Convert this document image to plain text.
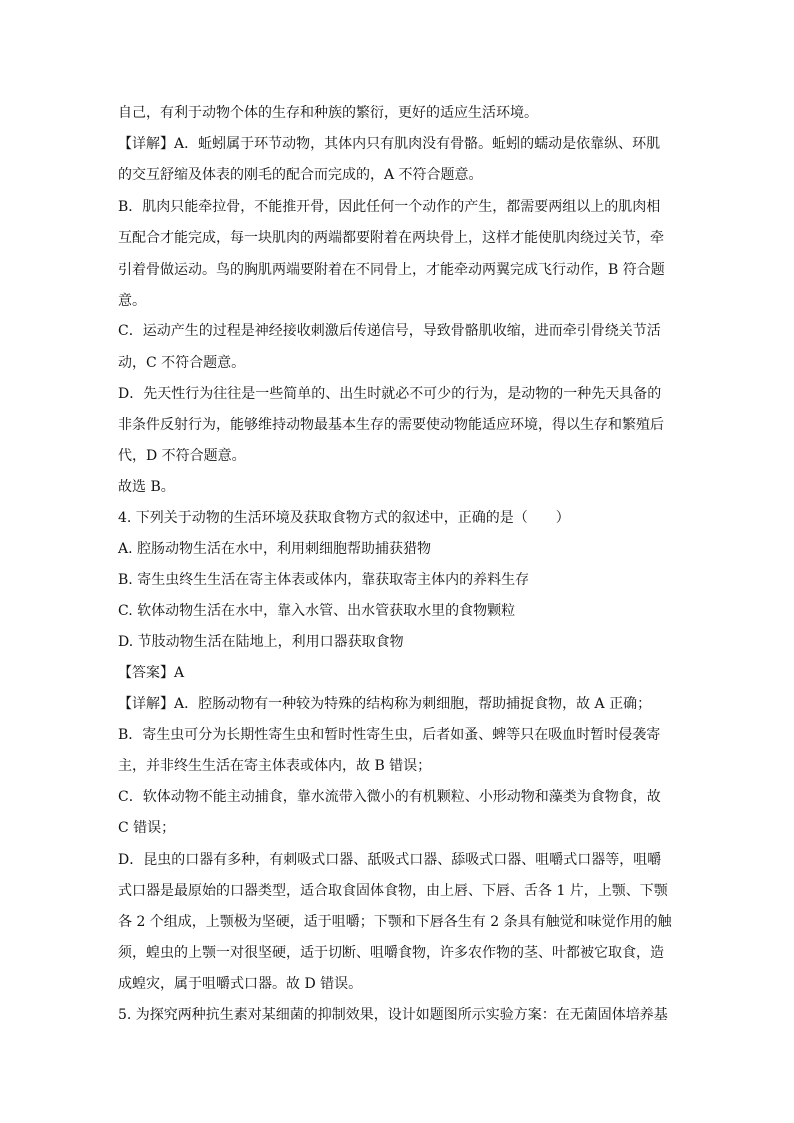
自己，有利于动物个体的生存和种族的繁衍，更好的适应生活环境。
【详解】A．蚯蚓属于环节动物，其体内只有肌肉没有骨骼。蚯蚓的蠕动是依靠纵、环肌
的交互舒缩及体表的刚毛的配合而完成的，A 不符合题意。
B．肌肉只能牵拉骨，不能推开骨，因此任何一个动作的产生，都需要两组以上的肌肉相
互配合才能完成，每一块肌肉的两端都要附着在两块骨上，这样才能使肌肉绕过关节，牵
引着骨做运动。鸟的胸肌两端要附着在不同骨上，才能牵动两翼完成飞行动作，B 符合题
意。
C．运动产生的过程是神经接收刺激后传递信号，导致骨骼肌收缩，进而牵引骨绕关节活
动，C 不符合题意。
D．先天性行为往往是一些简单的、出生时就必不可少的行为，是动物的一种先天具备的
非条件反射行为，能够维持动物最基本生存的需要使动物能适应环境，得以生存和繁殖后
代，D 不符合题意。
故选 B。
4. 下列关于动物的生活环境及获取食物方式的叙述中，正确的是（　　）
A. 腔肠动物生活在水中，利用刺细胞帮助捕获猎物
B. 寄生虫终生生活在寄主体表或体内，靠获取寄主体内的养料生存
C. 软体动物生活在水中，靠入水管、出水管获取水里的食物颗粒
D. 节肢动物生活在陆地上，利用口器获取食物
【答案】A
【详解】A．腔肠动物有一种较为特殊的结构称为刺细胞，帮助捕捉食物，故 A 正确；
B．寄生虫可分为长期性寄生虫和暂时性寄生虫，后者如蚤、蜱等只在吸血时暂时侵袭寄
主，并非终生生活在寄主体表或体内，故 B 错误；
C．软体动物不能主动捕食，靠水流带入微小的有机颗粒、小形动物和藻类为食物食，故
C 错误；
D．昆虫的口器有多种，有刺吸式口器、舐吸式口器、舔吸式口器、咀嚼式口器等，咀嚼
式口器是最原始的口器类型，适合取食固体食物，由上唇、下唇、舌各 1 片，上颚、下颚
各 2 个组成，上颚极为坚硬，适于咀嚼；下颚和下唇各生有 2 条具有触觉和味觉作用的触
须，蝗虫的上颚一对很坚硬，适于切断、咀嚼食物，许多农作物的茎、叶都被它取食，造
成蝗灾，属于咀嚼式口器。故 D 错误。
5. 为探究两种抗生素对某细菌的抑制效果，设计如题图所示实验方案：在无菌固体培养基
